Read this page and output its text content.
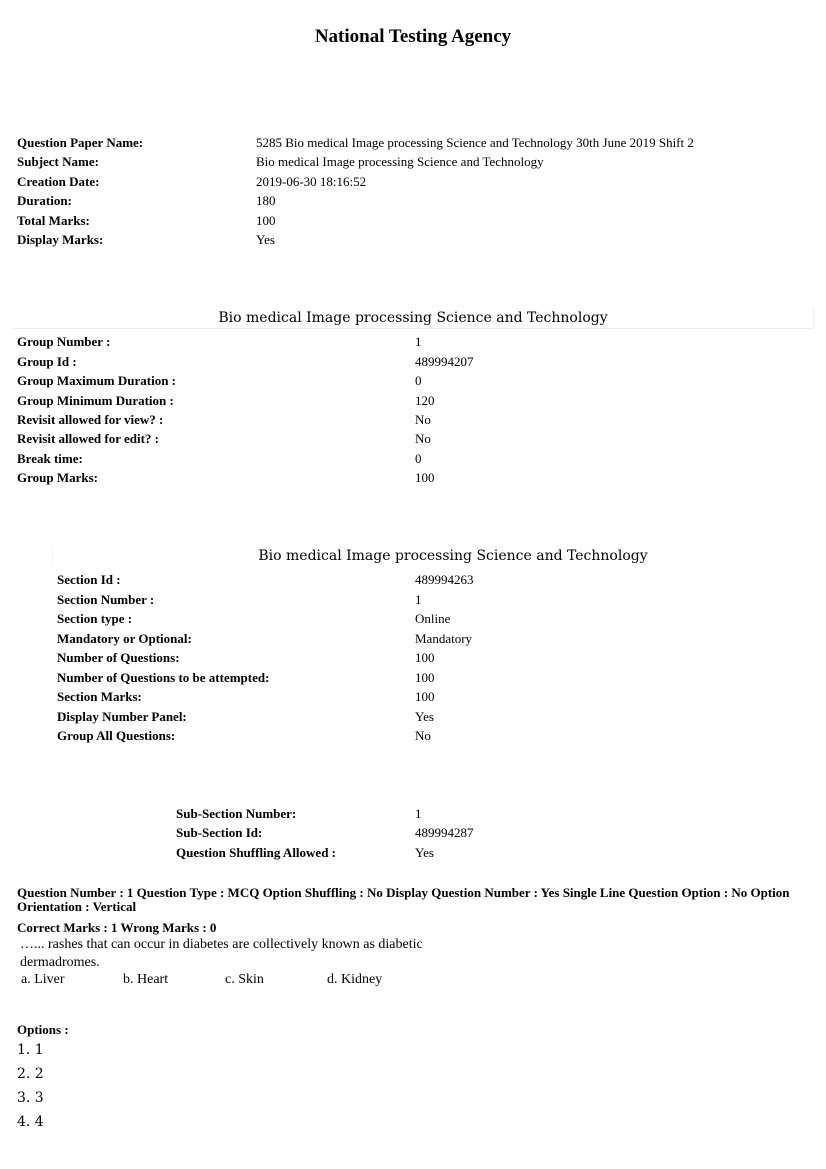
National Testing Agency
Question Paper Name:	5285 Bio medical Image processing Science and Technology 30th June 2019 Shift 2
Subject Name:	Bio medical Image processing Science and Technology
Creation Date:	2019-06-30 18:16:52
Duration:	180
Total Marks:	100
Display Marks:	Yes
Bio medical Image processing Science and Technology
Group Number :	1
Group Id :	489994207
Group Maximum Duration :	0
Group Minimum Duration :	120
Revisit allowed for view? :	No
Revisit allowed for edit? :	No
Break time:	0
Group Marks:	100
Bio medical Image processing Science and Technology
Section Id :	489994263
Section Number :	1
Section type :	Online
Mandatory or Optional:	Mandatory
Number of Questions:	100
Number of Questions to be attempted:	100
Section Marks:	100
Display Number Panel:	Yes
Group All Questions:	No
Sub-Section Number:	1
Sub-Section Id:	489994287
Question Shuffling Allowed :	Yes
Question Number : 1 Question Type : MCQ Option Shuffling : No Display Question Number : Yes Single Line Question Option : No Option Orientation : Vertical
Correct Marks : 1 Wrong Marks : 0
…... rashes that can occur in diabetes are collectively known as diabetic
dermadromes.
a. Liver	b. Heart	c. Skin	d. Kidney
Options :
1. 1
2. 2
3. 3
4. 4
